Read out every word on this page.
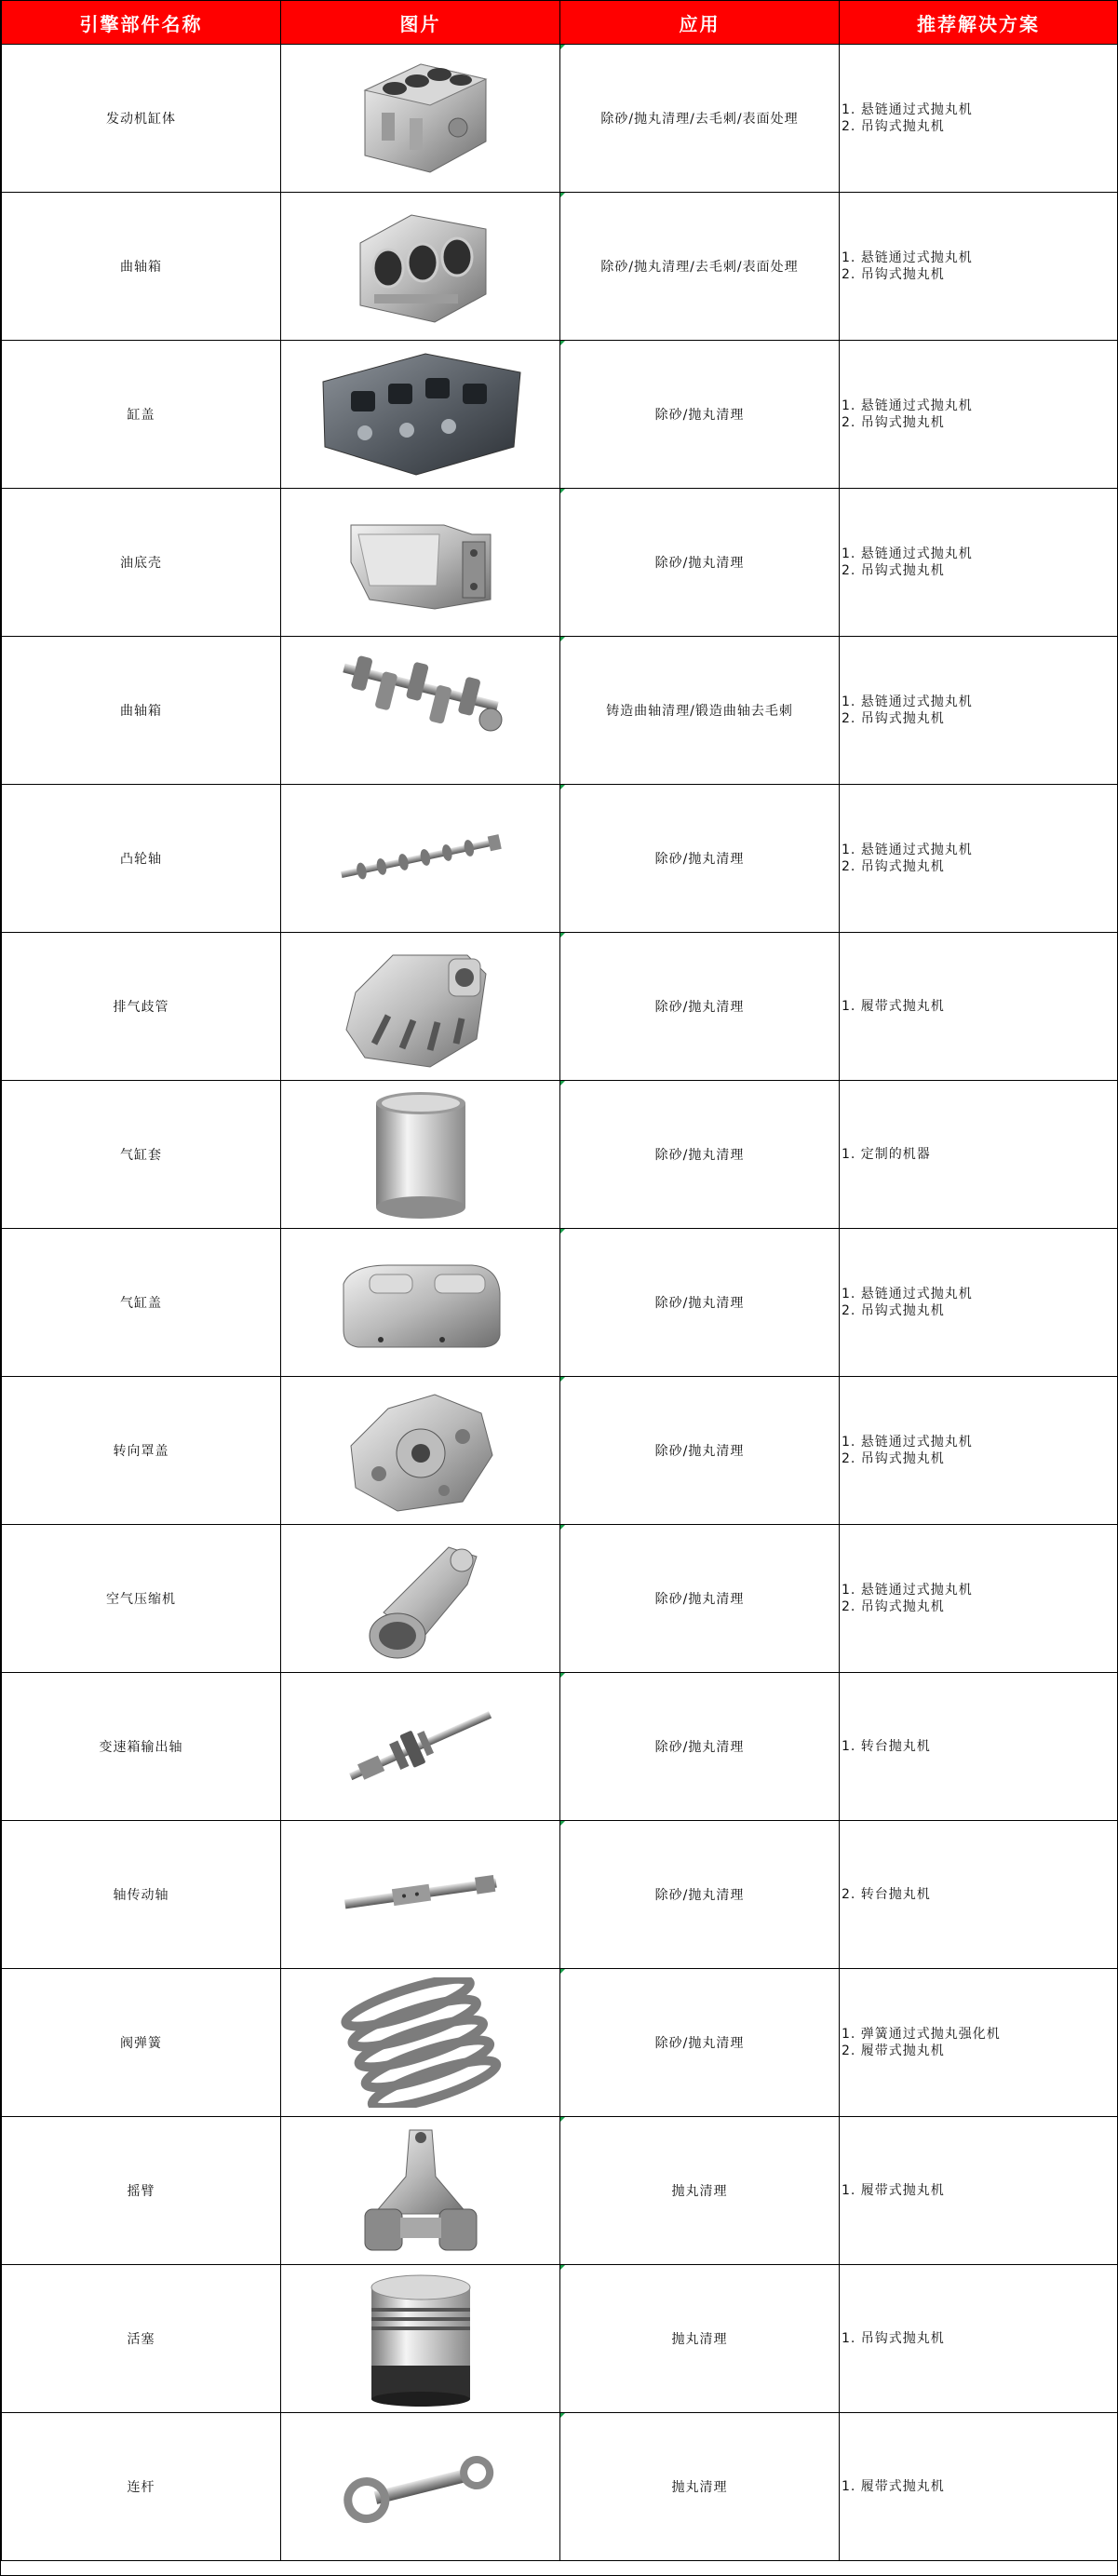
引擎部件名称	图片	应用	推荐解决方案
发动机缸体		除砂/抛丸清理/去毛刺/表面处理	1. 悬链通过式抛丸机
2. 吊钩式抛丸机

曲轴箱		除砂/抛丸清理/去毛刺/表面处理	1. 悬链通过式抛丸机
2. 吊钩式抛丸机

缸盖		除砂/抛丸清理	1. 悬链通过式抛丸机
2. 吊钩式抛丸机

油底壳		除砂/抛丸清理	1. 悬链通过式抛丸机
2. 吊钩式抛丸机

曲轴箱		铸造曲轴清理/锻造曲轴去毛刺	1. 悬链通过式抛丸机
2. 吊钩式抛丸机

凸轮轴		除砂/抛丸清理	1. 悬链通过式抛丸机
2. 吊钩式抛丸机

排气歧管		除砂/抛丸清理	1. 履带式抛丸机

气缸套		除砂/抛丸清理	1. 定制的机器

气缸盖		除砂/抛丸清理	1. 悬链通过式抛丸机
2. 吊钩式抛丸机

转向罩盖		除砂/抛丸清理	1. 悬链通过式抛丸机
2. 吊钩式抛丸机

空气压缩机		除砂/抛丸清理	1. 悬链通过式抛丸机
2. 吊钩式抛丸机

变速箱输出轴		除砂/抛丸清理	1. 转台抛丸机

轴传动轴		除砂/抛丸清理	2. 转台抛丸机

阀弹簧		除砂/抛丸清理	1. 弹簧通过式抛丸强化机
2. 履带式抛丸机

摇臂		抛丸清理	1. 履带式抛丸机

活塞		抛丸清理	1. 吊钩式抛丸机

连杆		抛丸清理	1. 履带式抛丸机
